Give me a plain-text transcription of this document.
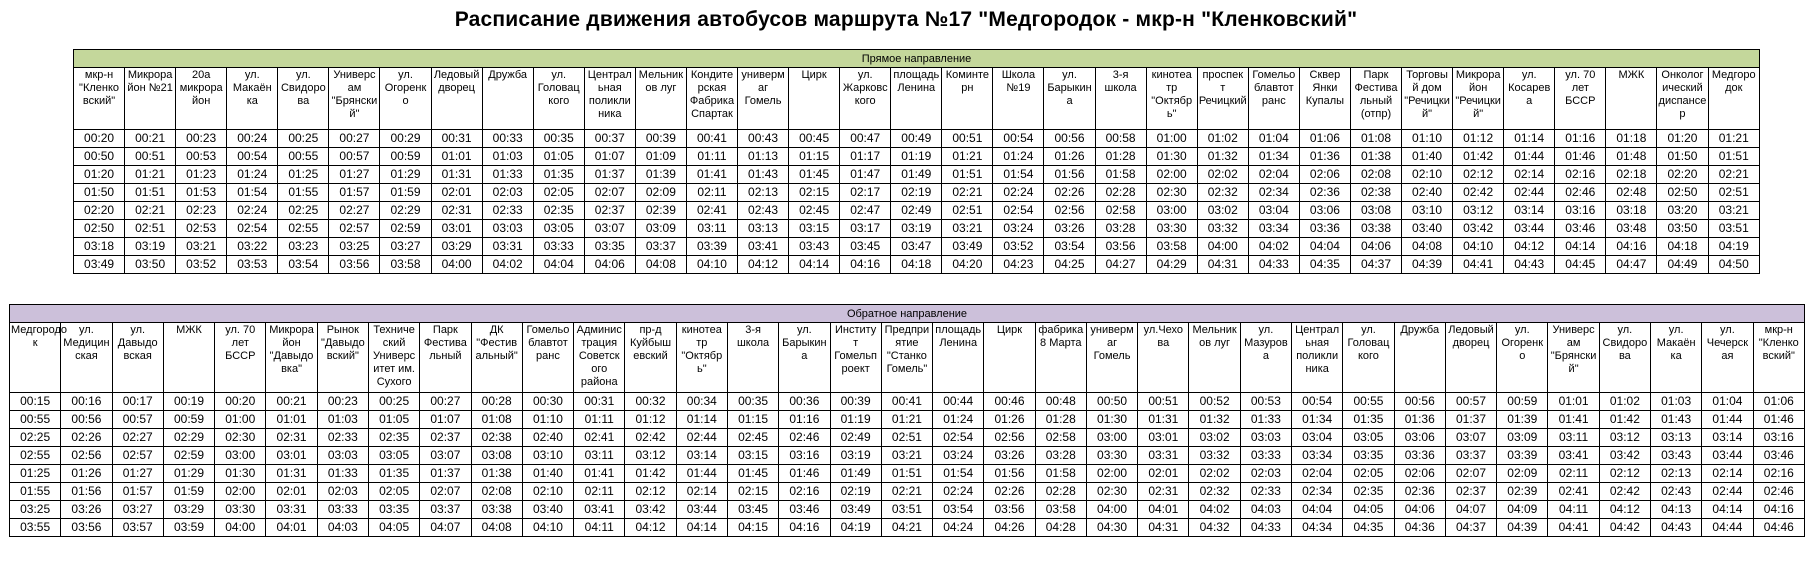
Расписание движения автобусов маршрута №17 "Медгородок - мкр-н "Кленковский"
Прямое направление																																
мкр-н "Кленко вский"	Микрора йон №21	20а микрора йон	ул. Макаён ка	ул. Свидорo ва	Универс ам "Брянски й"	ул. Огоренк о	Ледовый дворец	Дружба	ул. Головац кого	Централ ьная поликли ника	Мельник ов луг	Кондите рская Фабрика Спартак	универм аг Гомель	Цирк	ул. Жарковс кого	площадь Ленина	Коминте рн	Школа №19	ул. Барыкин а	3-я школа	кинотеа тр "Октябр ь"	проспек т Речицкий	Гомельо блавтот ранс	Сквер Янки Купалы	Парк Фестива льный (отпр)	Торговы й дом "Речицки й"	Микрора йон "Речицки й"	ул. Косарев а	ул. 70 лет БССР	МЖК	Онколог ический диспансе р	Медгоро док
00:20	00:21	00:23	00:24	00:25	00:27	00:29	00:31	00:33	00:35	00:37	00:39	00:41	00:43	00:45	00:47	00:49	00:51	00:54	00:56	00:58	01:00	01:02	01:04	01:06	01:08	01:10	01:12	01:14	01:16	01:18	01:20	01:21
00:50	00:51	00:53	00:54	00:55	00:57	00:59	01:01	01:03	01:05	01:07	01:09	01:11	01:13	01:15	01:17	01:19	01:21	01:24	01:26	01:28	01:30	01:32	01:34	01:36	01:38	01:40	01:42	01:44	01:46	01:48	01:50	01:51
01:20	01:21	01:23	01:24	01:25	01:27	01:29	01:31	01:33	01:35	01:37	01:39	01:41	01:43	01:45	01:47	01:49	01:51	01:54	01:56	01:58	02:00	02:02	02:04	02:06	02:08	02:10	02:12	02:14	02:16	02:18	02:20	02:21
01:50	01:51	01:53	01:54	01:55	01:57	01:59	02:01	02:03	02:05	02:07	02:09	02:11	02:13	02:15	02:17	02:19	02:21	02:24	02:26	02:28	02:30	02:32	02:34	02:36	02:38	02:40	02:42	02:44	02:46	02:48	02:50	02:51
02:20	02:21	02:23	02:24	02:25	02:27	02:29	02:31	02:33	02:35	02:37	02:39	02:41	02:43	02:45	02:47	02:49	02:51	02:54	02:56	02:58	03:00	03:02	03:04	03:06	03:08	03:10	03:12	03:14	03:16	03:18	03:20	03:21
02:50	02:51	02:53	02:54	02:55	02:57	02:59	03:01	03:03	03:05	03:07	03:09	03:11	03:13	03:15	03:17	03:19	03:21	03:24	03:26	03:28	03:30	03:32	03:34	03:36	03:38	03:40	03:42	03:44	03:46	03:48	03:50	03:51
03:18	03:19	03:21	03:22	03:23	03:25	03:27	03:29	03:31	03:33	03:35	03:37	03:39	03:41	03:43	03:45	03:47	03:49	03:52	03:54	03:56	03:58	04:00	04:02	04:04	04:06	04:08	04:10	04:12	04:14	04:16	04:18	04:19
03:49	03:50	03:52	03:53	03:54	03:56	03:58	04:00	04:02	04:04	04:06	04:08	04:10	04:12	04:14	04:16	04:18	04:20	04:23	04:25	04:27	04:29	04:31	04:33	04:35	04:37	04:39	04:41	04:43	04:45	04:47	04:49	04:50
Обратное направление																																		
Медгородо к	ул. Медицин ская	ул. Давыдо вская	МЖК	ул. 70 лет БССР	Микрора йон "Давыдо вка"	Рынок "Давыдо вский"	Техниче ский Универс итет им. Сухого	Парк Фестива льный	ДК "Фестив альный"	Гомельо блавтот ранс	Админис трация Советск ого района	пр-д Куйбыш евский	кинотеа тр "Октябр ь"	3-я школа	ул. Барыкин а	Институ т Гомельп роект	Предпри ятие "Станко Гомель"	площадь Ленина	Цирк	фабрика 8 Марта	универм аг Гомель	ул.Чехо ва	Мельник ов луг	ул. Мазуров а	Централ ьная поликли ника	ул. Головац кого	Дружба	Ледовый дворец	ул. Огоренк о	Универс ам "Брянски й"	ул. Свидорo ва	ул. Макаён ка	ул. Чечерск ая	мкр-н "Кленко вский"
00:15	00:16	00:17	00:19	00:20	00:21	00:23	00:25	00:27	00:28	00:30	00:31	00:32	00:34	00:35	00:36	00:39	00:41	00:44	00:46	00:48	00:50	00:51	00:52	00:53	00:54	00:55	00:56	00:57	00:59	01:01	01:02	01:03	01:04	01:06
00:55	00:56	00:57	00:59	01:00	01:01	01:03	01:05	01:07	01:08	01:10	01:11	01:12	01:14	01:15	01:16	01:19	01:21	01:24	01:26	01:28	01:30	01:31	01:32	01:33	01:34	01:35	01:36	01:37	01:39	01:41	01:42	01:43	01:44	01:46
02:25	02:26	02:27	02:29	02:30	02:31	02:33	02:35	02:37	02:38	02:40	02:41	02:42	02:44	02:45	02:46	02:49	02:51	02:54	02:56	02:58	03:00	03:01	03:02	03:03	03:04	03:05	03:06	03:07	03:09	03:11	03:12	03:13	03:14	03:16
02:55	02:56	02:57	02:59	03:00	03:01	03:03	03:05	03:07	03:08	03:10	03:11	03:12	03:14	03:15	03:16	03:19	03:21	03:24	03:26	03:28	03:30	03:31	03:32	03:33	03:34	03:35	03:36	03:37	03:39	03:41	03:42	03:43	03:44	03:46
01:25	01:26	01:27	01:29	01:30	01:31	01:33	01:35	01:37	01:38	01:40	01:41	01:42	01:44	01:45	01:46	01:49	01:51	01:54	01:56	01:58	02:00	02:01	02:02	02:03	02:04	02:05	02:06	02:07	02:09	02:11	02:12	02:13	02:14	02:16
01:55	01:56	01:57	01:59	02:00	02:01	02:03	02:05	02:07	02:08	02:10	02:11	02:12	02:14	02:15	02:16	02:19	02:21	02:24	02:26	02:28	02:30	02:31	02:32	02:33	02:34	02:35	02:36	02:37	02:39	02:41	02:42	02:43	02:44	02:46
03:25	03:26	03:27	03:29	03:30	03:31	03:33	03:35	03:37	03:38	03:40	03:41	03:42	03:44	03:45	03:46	03:49	03:51	03:54	03:56	03:58	04:00	04:01	04:02	04:03	04:04	04:05	04:06	04:07	04:09	04:11	04:12	04:13	04:14	04:16
03:55	03:56	03:57	03:59	04:00	04:01	04:03	04:05	04:07	04:08	04:10	04:11	04:12	04:14	04:15	04:16	04:19	04:21	04:24	04:26	04:28	04:30	04:31	04:32	04:33	04:34	04:35	04:36	04:37	04:39	04:41	04:42	04:43	04:44	04:46
